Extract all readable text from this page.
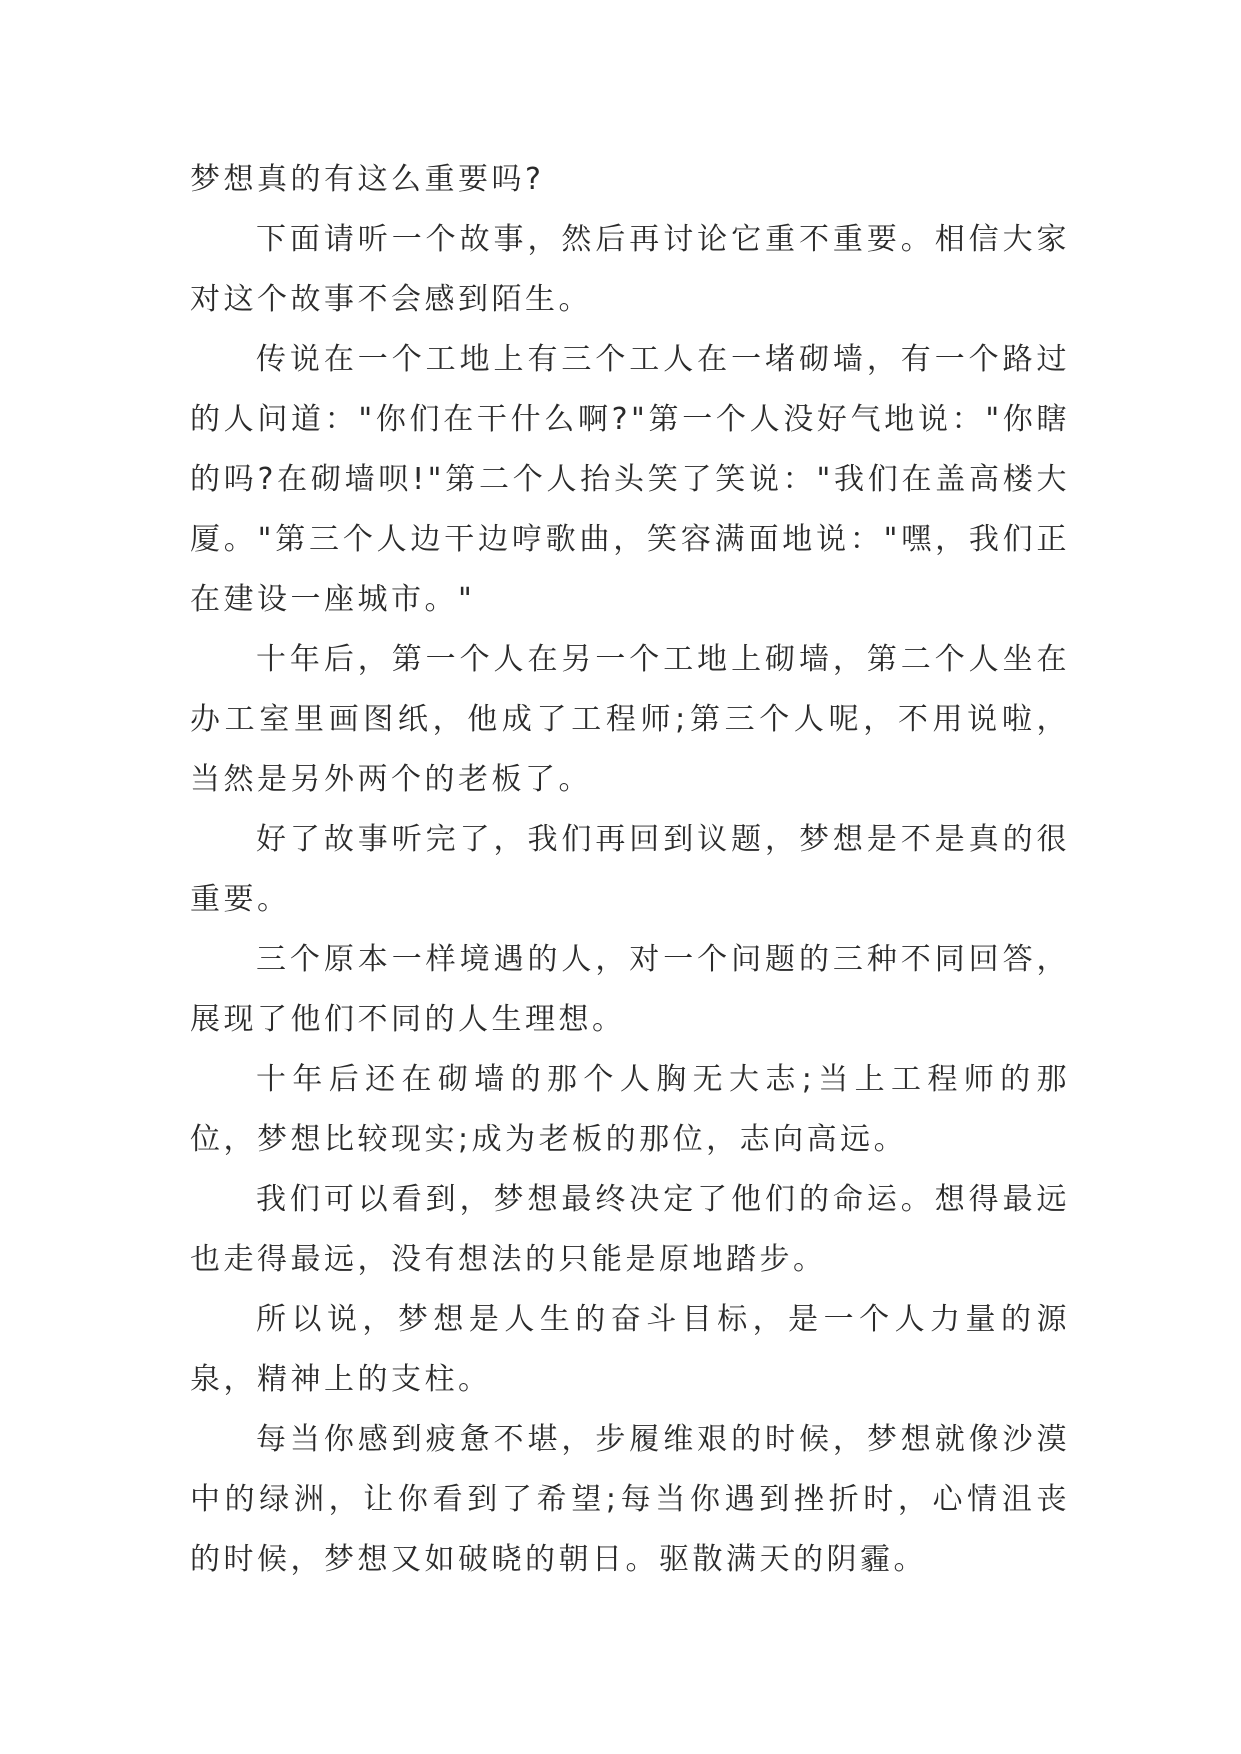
梦想真的有这么重要吗?

下面请听一个故事，然后再讨论它重不重要。相信大家对这个故事不会感到陌生。

传说在一个工地上有三个工人在一堵砌墙，有一个路过的人问道："你们在干什么啊?"第一个人没好气地说："你瞎的吗?在砌墙呗!"第二个人抬头笑了笑说："我们在盖高楼大厦。"第三个人边干边哼歌曲，笑容满面地说："嘿，我们正在建设一座城市。"

十年后，第一个人在另一个工地上砌墙，第二个人坐在办工室里画图纸，他成了工程师;第三个人呢，不用说啦，当然是另外两个的老板了。

好了故事听完了，我们再回到议题，梦想是不是真的很重要。

三个原本一样境遇的人，对一个问题的三种不同回答，展现了他们不同的人生理想。

十年后还在砌墙的那个人胸无大志;当上工程师的那位，梦想比较现实;成为老板的那位，志向高远。

我们可以看到，梦想最终决定了他们的命运。想得最远也走得最远，没有想法的只能是原地踏步。

所以说，梦想是人生的奋斗目标，是一个人力量的源泉，精神上的支柱。

每当你感到疲惫不堪，步履维艰的时候，梦想就像沙漠中的绿洲，让你看到了希望;每当你遇到挫折时，心情沮丧的时候，梦想又如破晓的朝日。驱散满天的阴霾。
